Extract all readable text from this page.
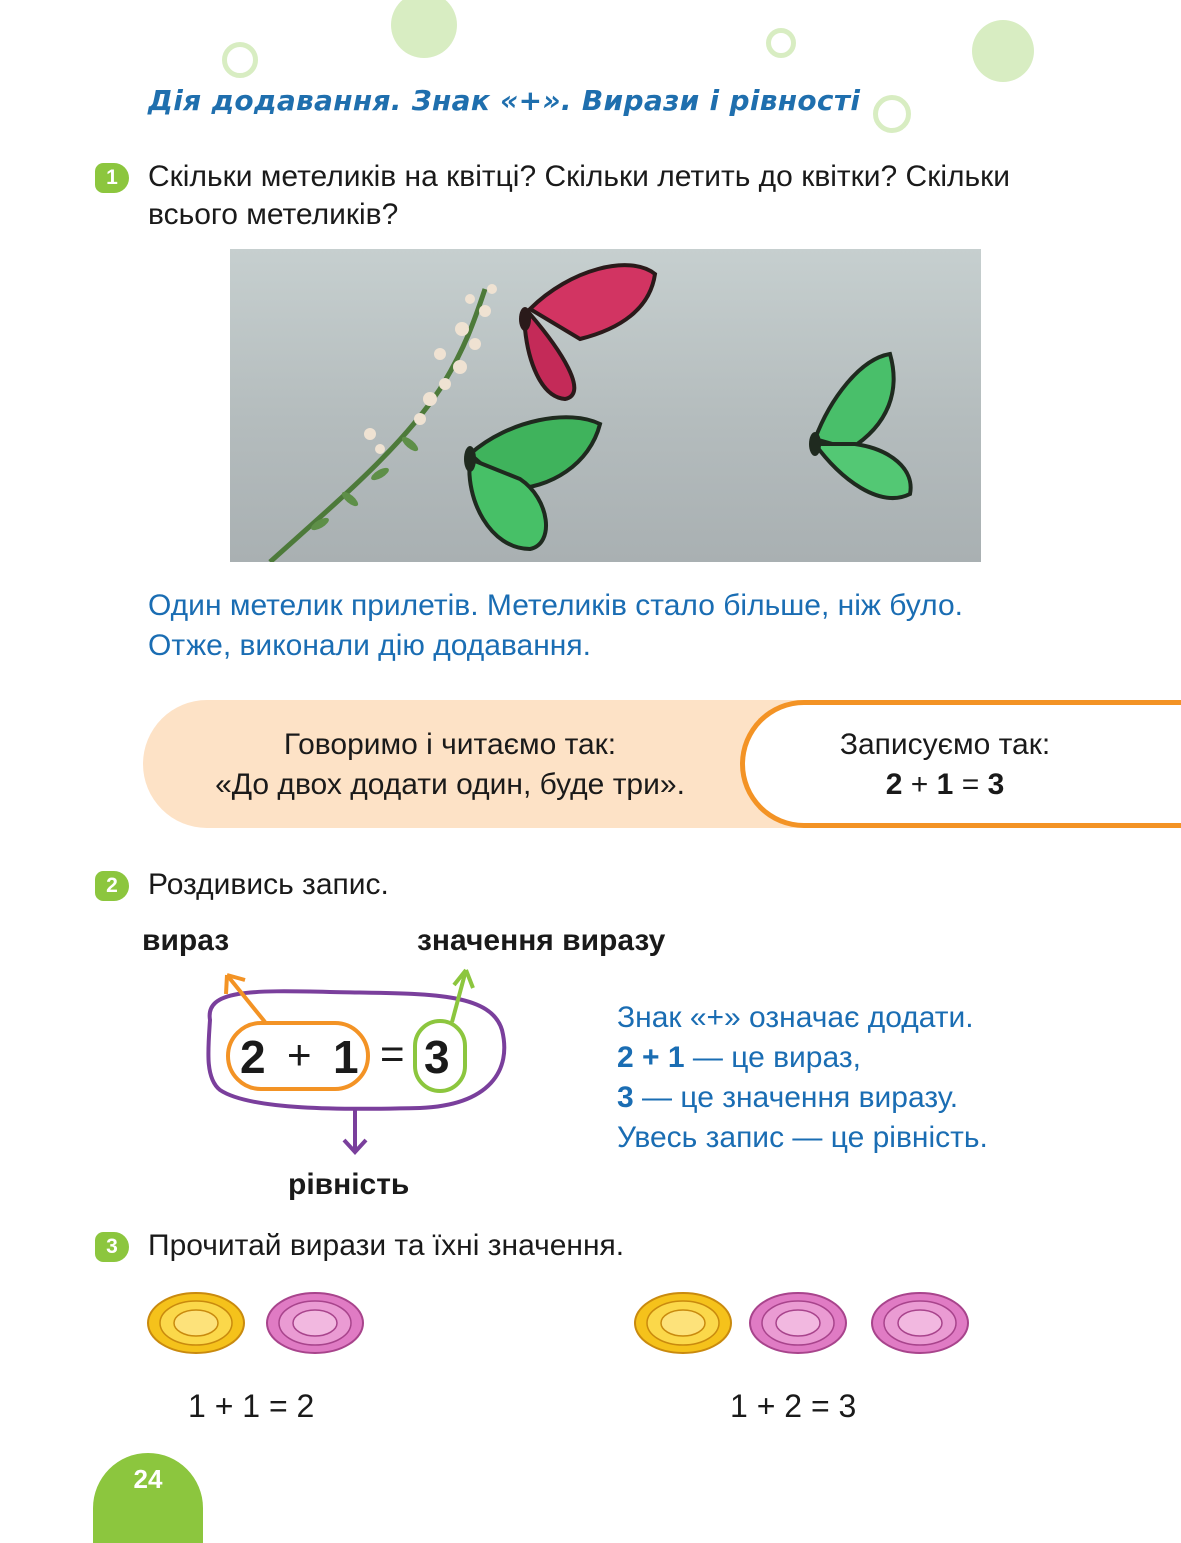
Дія додавання. Знак «+». Вирази і рівності
1	Скільки метеликів на квітці? Скільки летить до квітки? Скільки
всього метеликів?
Один метелик прилетів. Метеликів стало більше, ніж було.
Отже, виконали дію додавання.
Говоримо і читаємо так:
«До двох додати один, буде три».
Записуємо так:
2 + 1 = 3
2	Роздивись запис.
вираз	значення виразу
рівність
2 + 1 = 3
Знак «+» означає додати.
2 + 1 — це вираз,
3 — це значення виразу.
Увесь запис — це рівність.
3	Прочитай вирази та їхні значення.
1 + 1 = 2	1 + 2 = 3
24
